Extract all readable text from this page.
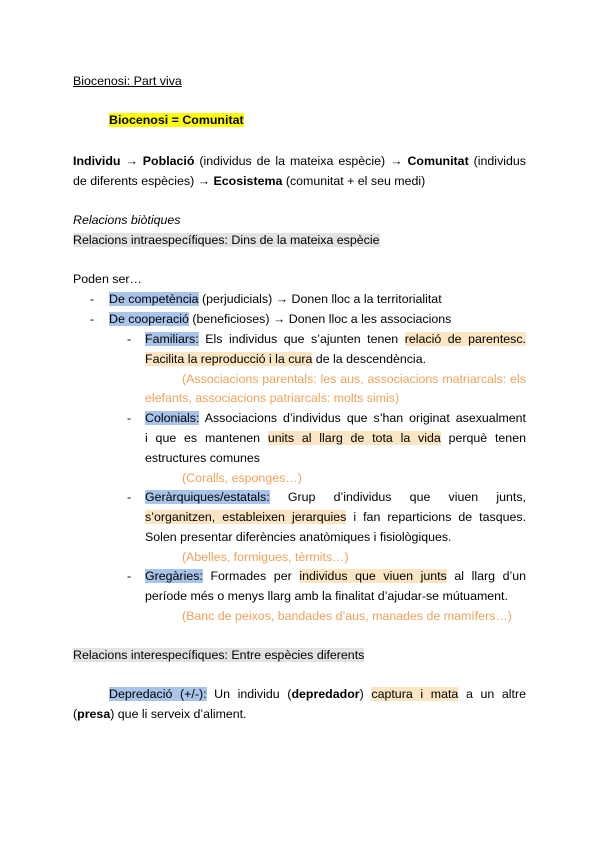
Biocenosi: Part viva
Biocenosi = Comunitat
Individu → Població (individus de la mateixa espècie) → Comunitat (individus
de diferents espècies) → Ecosistema (comunitat + el seu medi)
Relacions biòtiques
Relacions intraespecífiques: Dins de la mateixa espècie
Poden ser…
- De competència (perjudicials) → Donen lloc a la territorialitat
- De cooperació (beneficioses) → Donen lloc a les associacions
- Familiars: Els individus que s’ajunten tenen relació de parentesc.
Facilita la reproducció i la cura de la descendència.
(Associacions parentals: les aus, associacions matriarcals: els
elefants, associacions patriarcals: molts simis)
- Colonials: Associacions d’individus que s’han originat asexualment
i que es mantenen units al llarg de tota la vida perquè tenen
estructures comunes
(Coralls, esponges…)
- Geràrquiques/estatals: Grup d’individus que viuen junts,
s’organitzen, estableixen jerarquies i fan reparticions de tasques.
Solen presentar diferències anatòmiques i fisiològiques.
(Abelles, formigues, tèrmits…)
- Gregàries: Formades per individus que viuen junts al llarg d’un
període més o menys llarg amb la finalitat d’ajudar-se mútuament.
(Banc de peixos, bandades d’aus, manades de mamífers…)
Relacions interespecífiques: Entre espècies diferents
Depredació (+/-): Un individu (depredador) captura i mata a un altre
(presa) que li serveix d’aliment.
